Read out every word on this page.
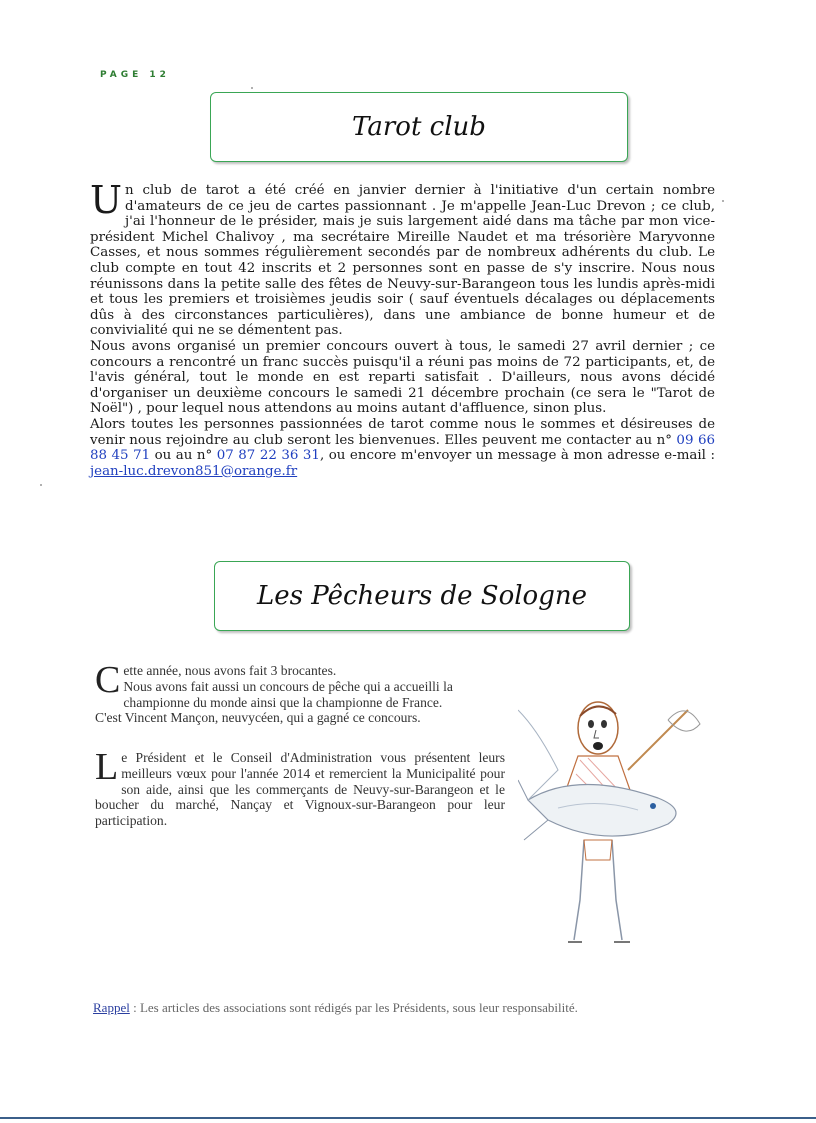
PAGE 12
Tarot club
Un club de tarot a été créé en janvier dernier à l'initiative d'un certain nombre d'amateurs de ce jeu de cartes passionnant . Je m'appelle Jean-Luc Drevon ; ce club, j'ai l'honneur de le présider, mais je suis largement aidé dans ma tâche par mon vice-président Michel Chalivoy , ma secrétaire Mireille Naudet et ma trésorière Maryvonne Casses, et nous sommes régulièrement secondés par de nombreux adhérents du club. Le club compte en tout 42 inscrits et 2 personnes sont en passe de s'y inscrire. Nous nous réunissons dans la petite salle des fêtes de Neuvy-sur-Barangeon tous les lundis après-midi et tous les premiers et troisièmes jeudis soir ( sauf éventuels décalages ou déplacements dûs à des circonstances particulières), dans une ambiance de bonne humeur et de convivialité qui ne se démentent pas.
Nous avons organisé un premier concours ouvert à tous, le samedi 27 avril dernier ; ce concours a rencontré un franc succès puisqu'il a réuni pas moins de 72 participants, et, de l'avis général, tout le monde en est reparti satisfait . D'ailleurs, nous avons décidé d'organiser un deuxième concours le samedi 21 décembre prochain (ce sera le "Tarot de Noël") , pour lequel nous attendons au moins autant d'affluence, sinon plus.
Alors toutes les personnes passionnées de tarot comme nous le sommes et désireuses de venir nous rejoindre au club seront les bienvenues. Elles peuvent me contacter au n° 09 66 88 45 71 ou au n° 07 87 22 36 31, ou encore m'envoyer un message à mon adresse e-mail : jean-luc.drevon851@orange.fr
Les Pêcheurs de Sologne
Cette année, nous avons fait 3 brocantes.
Nous avons fait aussi un concours de pêche qui a accueilli la championne du monde ainsi que la championne de France.
C'est Vincent Mançon, neuvycéen, qui a gagné ce concours.
Le Président et le Conseil d'Administration vous présentent leurs meilleurs vœux pour l'année 2014 et remercient la Municipalité pour son aide, ainsi que les commerçants de Neuvy-sur-Barangeon et le boucher du marché, Nançay et Vignoux-sur-Barangeon pour leur participation.
Rappel : Les articles des associations sont rédigés par les Présidents, sous leur responsabilité.
